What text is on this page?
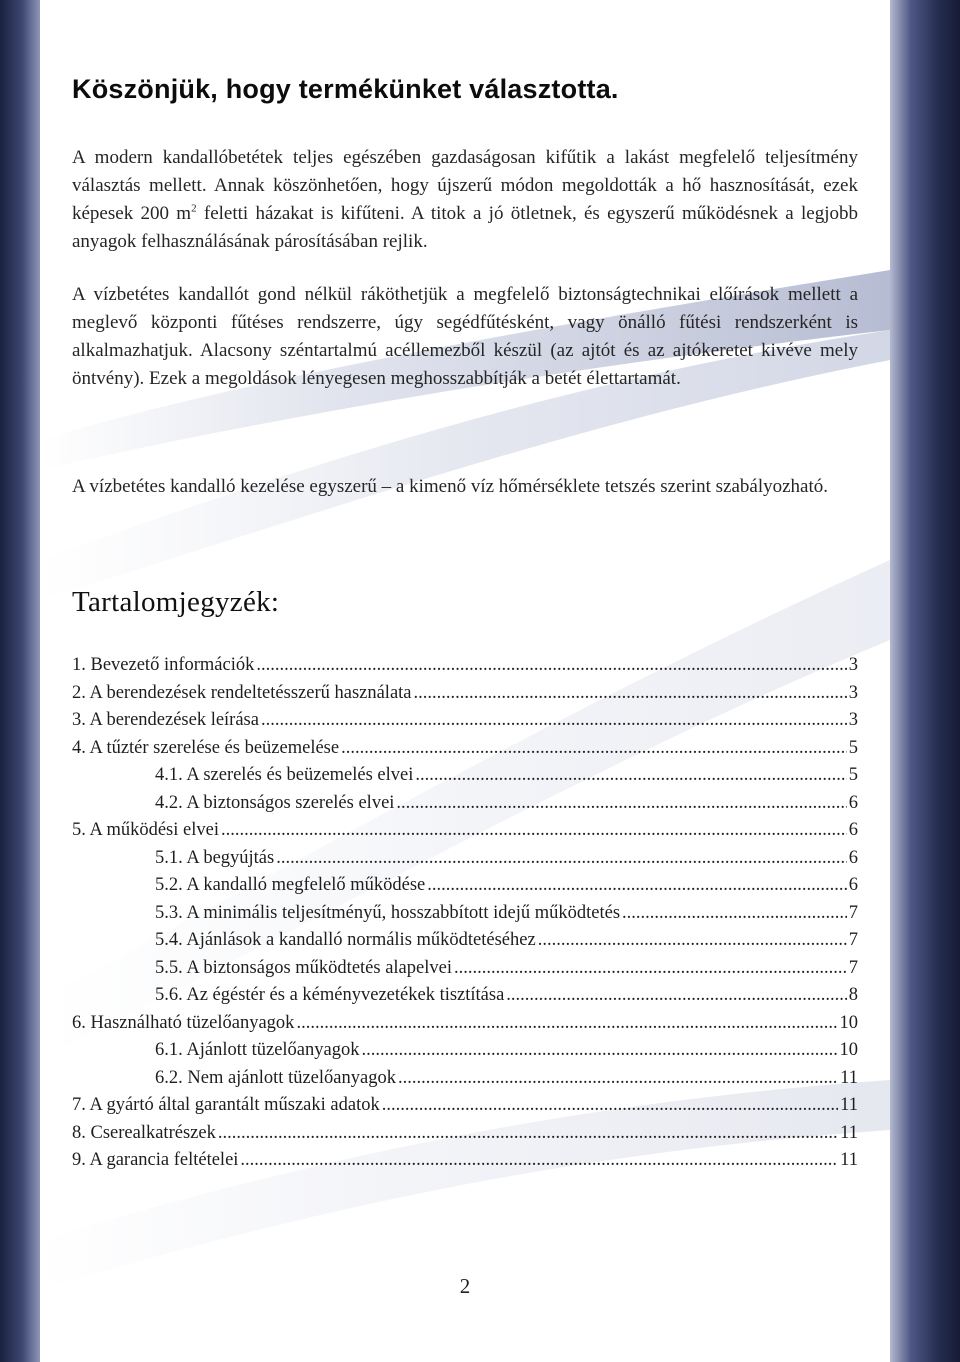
Köszönjük, hogy termékünket választotta.

A modern kandallóbetétek teljes egészében gazdaságosan kifűtik a lakást megfelelő teljesítmény választás mellett. Annak köszönhetően, hogy újszerű módon megoldották a hő hasznosítását, ezek képesek 200 $m^2$ feletti házakat is kifűteni. A titok a jó ötletnek, és egyszerű működésnek a legjobb anyagok felhasználásának párosításában rejlik.

A vízbetétes kandallót gond nélkül ráköthetjük a megfelelő biztonságtechnikai előírások mellett a meglevő központi fűtéses rendszerre, úgy segédfűtésként, vagy önálló fűtési rendszerként is alkalmazhatjuk. Alacsony széntartalmú acéllemezből készül (az ajtót és az ajtókeretet kivéve mely öntvény). Ezek a megoldások lényegesen meghosszabbítják a betét élettartamát.

A vízbetétes kandalló kezelése egyszerű – a kimenő víz hőmérséklete tetszés szerint szabályozható.

Tartalomjegyzék:
1. Bevezető információk .....	3
2. A berendezések rendeltetésszerű használata .....	3
3. A berendezések leírása .....	3
4. A tűztér szerelése és beüzemelése .....	5
4.1. A szerelés és beüzemelés elvei .....	5
4.2. A biztonságos szerelés elvei .....	6
5. A működési elvei .....	6
5.1. A begyújtás .....	6
5.2. A kandalló megfelelő működése .....	6
5.3. A minimális teljesítményű, hosszabbított idejű működtetés .....	7
5.4. Ajánlások a kandalló normális működtetéséhez .....	7
5.5. A biztonságos működtetés alapelvei .....	7
5.6. Az égéstér és a kéményvezetékek tisztítása .....	8
6. Használható tüzelőanyagok .....	10
6.1. Ajánlott tüzelőanyagok .....	10
6.2. Nem ajánlott tüzelőanyagok .....	11
7. A gyártó által garantált műszaki adatok .....	11
8. Cserealkatrészek .....	11
9. A garancia feltételei .....	11
2
